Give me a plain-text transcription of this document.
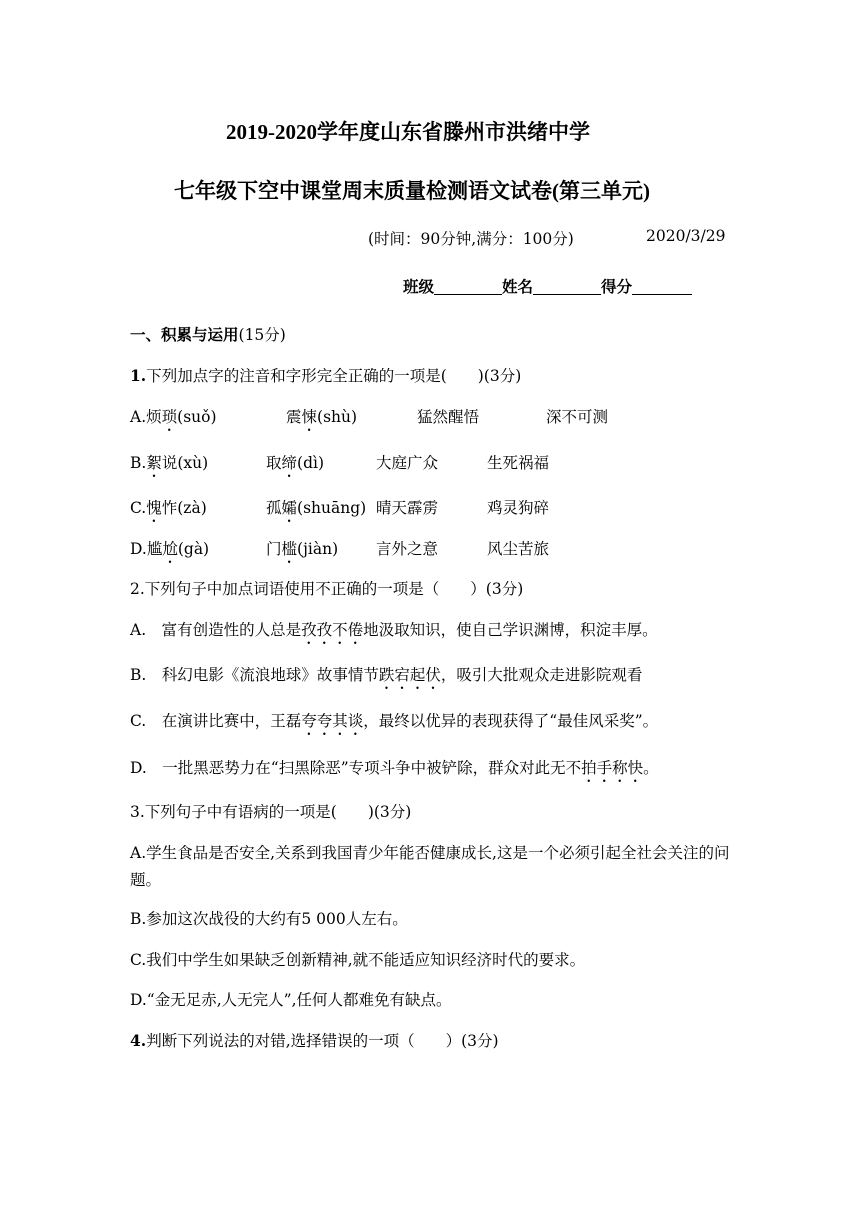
2019-2020学年度山东省滕州市洪绪中学
七年级下空中课堂周末质量检测语文试卷(第三单元)
(时间：90分钟,满分：100分)	2020/3/29
班级	姓名	得分
一、积累与运用(15分)
1.下列加点字的注音和字形完全正确的一项是(　　)(3分)
A.烦琐(suǒ)	震悚(shù)	猛然醒悟	深不可测
B.絮说(xù)	取缔(dì)	大庭广众	生死祸福
C.愧怍(zà)	孤孀(shuāng) 晴天霹雳	鸡灵狗碎
D.尴尬(gà)	门槛(jiàn) 言外之意	风尘苦旅
2.下列句子中加点词语使用不正确的一项是（　　）(3分)
A.　富有创造性的人总是孜孜不倦地汲取知识，使自己学识渊博，积淀丰厚。
B.　科幻电影《流浪地球》故事情节跌宕起伏，吸引大批观众走进影院观看
C.　在演讲比赛中，王磊夸夸其谈，最终以优异的表现获得了“最佳风采奖”。
D.　一批黑恶势力在“扫黑除恶”专项斗争中被铲除，群众对此无不拍手称快。
3.下列句子中有语病的一项是(　　)(3分)
A.学生食品是否安全,关系到我国青少年能否健康成长,这是一个必须引起全社会关注的问题。
B.参加这次战役的大约有5 000人左右。
C.我们中学生如果缺乏创新精神,就不能适应知识经济时代的要求。
D.“金无足赤,人无完人”,任何人都难免有缺点。
4.判断下列说法的对错,选择错误的一项（　　）(3分)
